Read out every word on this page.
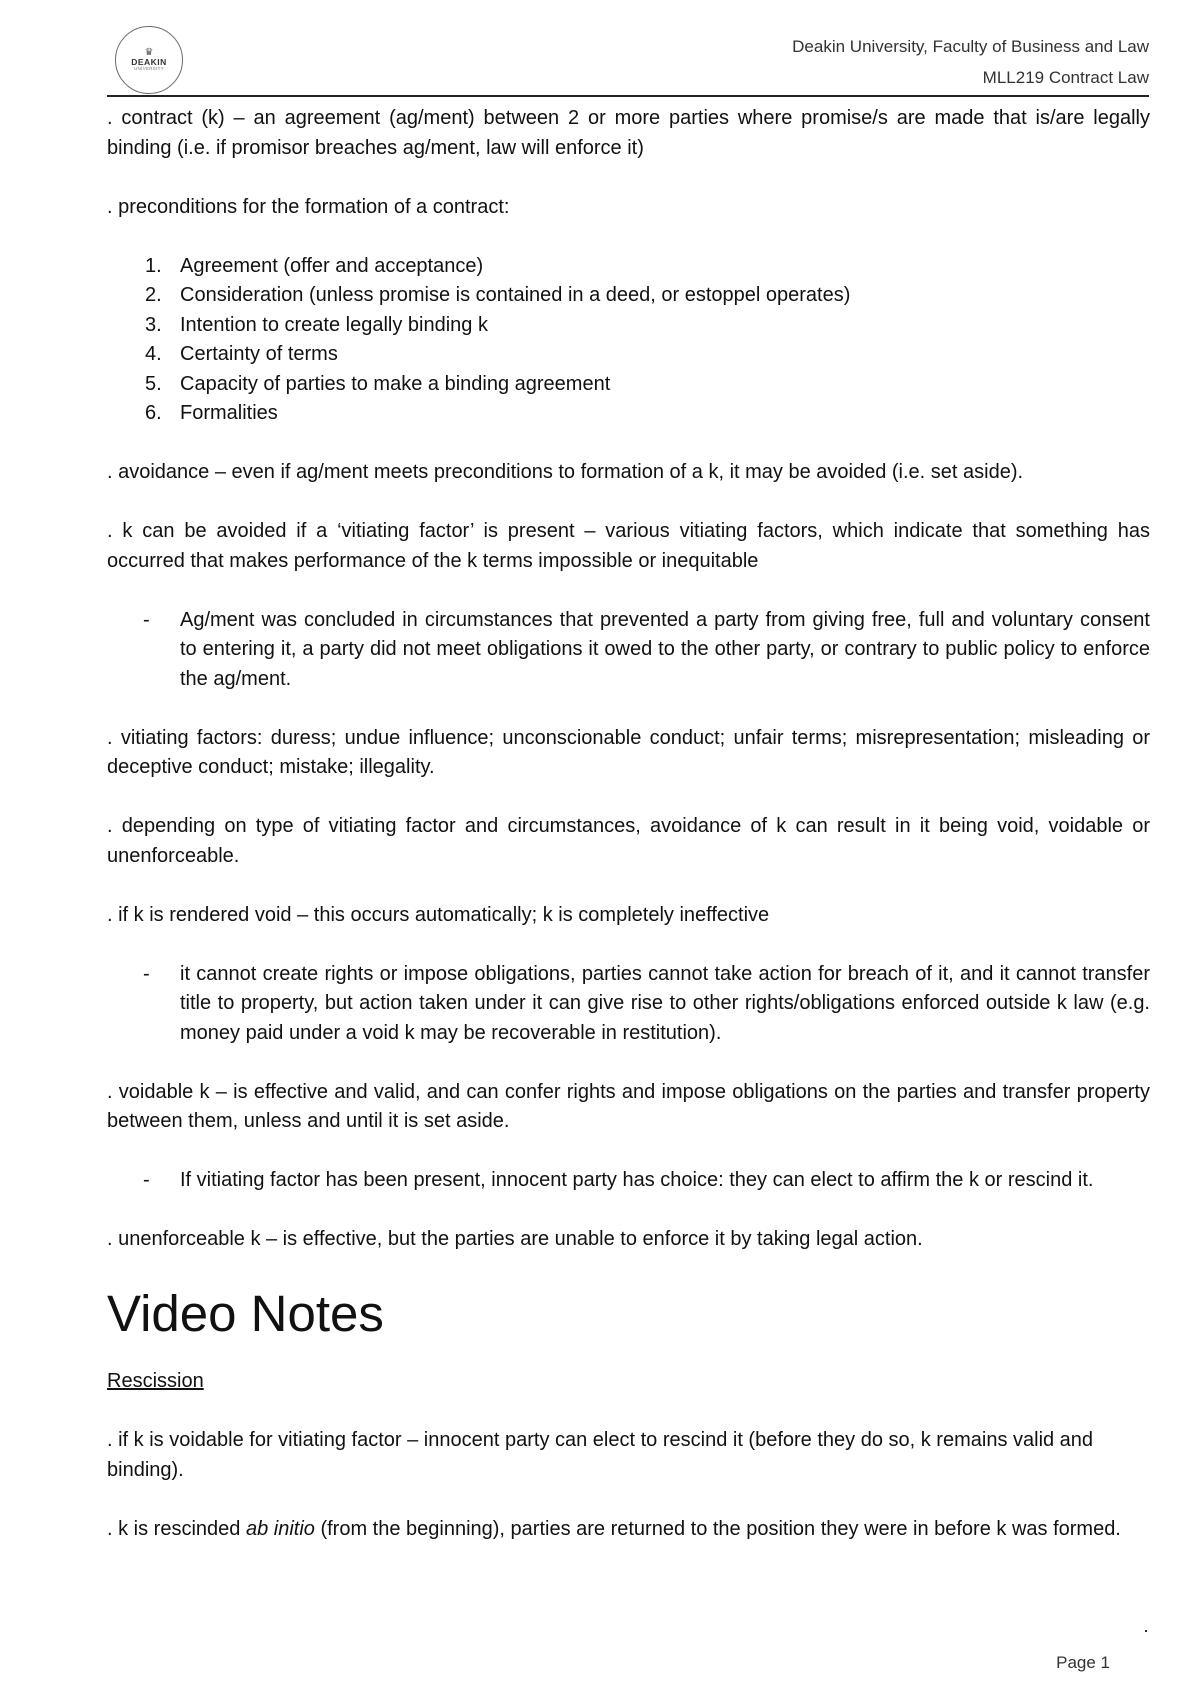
♛
DEAKIN
UNIVERSITY
Deakin University, Faculty of Business and Law
MLL219 Contract Law

. contract (k) – an agreement (ag/ment) between 2 or more parties where promise/s are made that is/are legally binding (i.e. if promisor breaches ag/ment, law will enforce it)

. preconditions for the formation of a contract:

1. Agreement (offer and acceptance)
2. Consideration (unless promise is contained in a deed, or estoppel operates)
3. Intention to create legally binding k
4. Certainty of terms
5. Capacity of parties to make a binding agreement
6. Formalities

. avoidance – even if ag/ment meets preconditions to formation of a k, it may be avoided (i.e. set aside).

. k can be avoided if a ‘vitiating factor’ is present – various vitiating factors, which indicate that something has occurred that makes performance of the k terms impossible or inequitable

-	Ag/ment was concluded in circumstances that prevented a party from giving free, full and voluntary consent to entering it, a party did not meet obligations it owed to the other party, or contrary to public policy to enforce the ag/ment.

. vitiating factors: duress; undue influence; unconscionable conduct; unfair terms; misrepresentation; misleading or deceptive conduct; mistake; illegality.

. depending on type of vitiating factor and circumstances, avoidance of k can result in it being void, voidable or unenforceable.

. if k is rendered void – this occurs automatically; k is completely ineffective

-	it cannot create rights or impose obligations, parties cannot take action for breach of it, and it cannot transfer title to property, but action taken under it can give rise to other rights/obligations enforced outside k law (e.g. money paid under a void k may be recoverable in restitution).

. voidable k – is effective and valid, and can confer rights and impose obligations on the parties and transfer property between them, unless and until it is set aside.

-	If vitiating factor has been present, innocent party has choice: they can elect to affirm the k or rescind it.

. unenforceable k – is effective, but the parties are unable to enforce it by taking legal action.

Video Notes
Rescission

. if k is voidable for vitiating factor – innocent party can elect to rescind it (before they do so, k remains valid and binding).

. k is rescinded ab initio (from the beginning), parties are returned to the position they were in before k was formed.

Page 1
